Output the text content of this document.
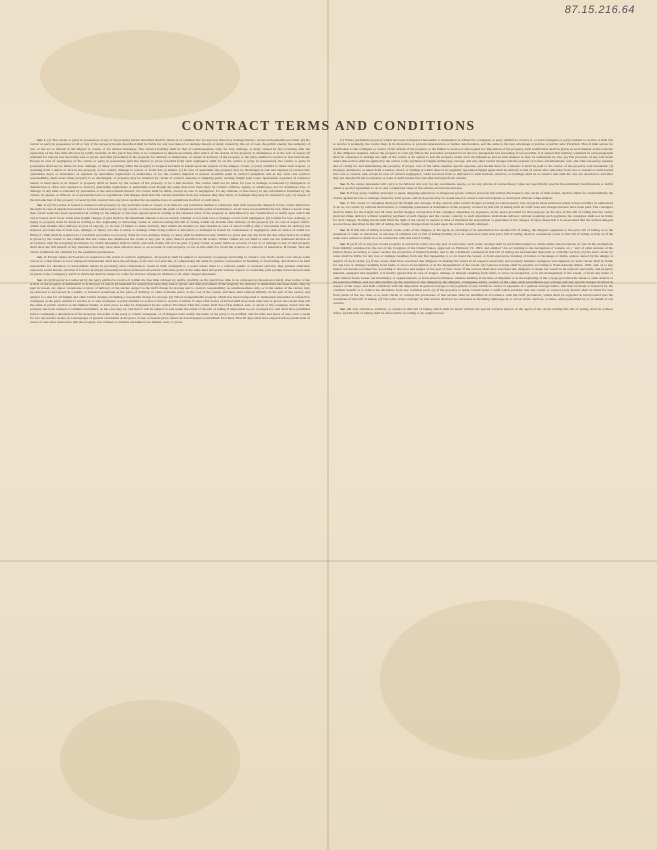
87.15.216.64
CONTRACT TERMS AND CONDITIONS

Sec. 1. (a) The carrier or party in possession of any of the property herein described shall be liable as at common law for any loss thereof or damage thereto, except as hereinafter provided. (b) No carrier or party in possession of all or any of the property herein described shall be liable for any loss thereof or damage thereto or delay caused by the act of God, the public enemy, the authority of law, or the act or default of the shipper or owner, or for natural shrinkage. The carrier's liability shall be that of warehouseman, only, for loss, damage, or delay caused by fire occurring after the expiration of the free time allowed by tariffs lawfully on file (such free time to be computed as therein provided) after notice of the arrival of the property at destination or at the port of export (if intended for export) has been duly sent or given, and after placement of the property for delivery at destination, or tender of delivery of the property to the party entitled to receive it, has been made. Except in case of negligence of the carrier or party in possession (and the burden to prove freedom from such negligence shall be on the carrier or party in possession), the carrier or party in possession shall not be liable for loss, damage, or delay occurring while the property is stopped and held in transit upon the request of the shipper, owner, or party entitled to make such request, or resulting from a defect or vice in the property, or for country damage to cotton, or from riots or strikes. (c) In case of quarantine the property may be discharged at risk and expense of owners into quarantine depot or elsewhere, as required by quarantine regulations or authorities, or for the carrier's dispatch at nearest available point in carrier's judgment, and in any such case carrier's responsibility shall cease when property is so discharged, or property may be returned by carrier at owner's expense to shipping point, earning freight both ways. Quarantine expenses of whatever nature or kind upon or in respect to property shall be borne by the owners of the property or be a lien thereon. The carrier shall not be liable for loss or damage occasioned by fumigation or disinfection or other acts required or done by quarantine regulations or authorities even though the same may have been done by carrier's officers, agents, or employees, nor for detention, loss, or damage of any kind occasioned by quarantine or the enforcement thereof. No carrier shall be liable, except in case of negligence, for any mistake or inaccuracy in any information furnished by the carrier, its agents, or officers, as to quarantine laws or regulations. The shipper shall hold the carriers harmless from any expense they may incur, or damages they may be required to pay, by reason of the introduction of the property covered by this contract into any place against the quarantine laws or regulations in effect at such place.

Sec. 2. (a) No carrier is bound to transport said property by any particular train or vessel, or in time for any particular market or otherwise than with reasonable dispatch. Every carrier shall have the right in case of physical necessity to forward said property by any carrier or route between the point of shipment and the point of destination. In all cases not prohibited by law, where a lower value than actual value has been represented in writing by the shipper or has been agreed upon in writing as the released value of the property as determined by the classification or tariffs upon which the rate is based, such lower value plus freight charges if paid shall be the maximum amount to be recovered, whether or not such loss or damage occurs from negligence. (b) Claims for loss, damage, or injury to property must be made in writing to the originating or delivering carrier or carriers issuing this bill of lading within six months after delivery of the property (or, in case of export traffic, within nine months after delivery at port of export), or, in case of failure to make delivery, then within six months (or nine months in case of export traffic) after a reasonable time for delivery has elapsed; provided that if such loss, damage, or injury was due to delay or damage while being loaded or unloaded, or damaged in transit by carelessness or negligence, then no notice of claim nor filing of claim shall be required as a condition precedent to recovery. Suits for loss, damage, injury, or delay shall be instituted only within two years and one day from the day when notice in writing is given by the carrier to the claimant that the carrier has disallowed the claim or any part or parts thereof specified in the notice. Where claims are not filed or suits are not instituted thereon in accordance with the foregoing provisions, no carrier hereunder shall be liable, and such claims will not be paid. (c) Any carrier or party liable on account of loss of or damage to any of said property shall have the full benefit of any insurance that may have been effected upon or on account of said property, so far as this shall not avoid the policies or contracts of insurance: Provided, That the carrier reimburse the claimant for the premium paid thereon.

Sec. 3. Except where such service is required as the result of carrier's negligence, all property shall be subject to necessary cooperage and baling at owner's cost. Each carrier over whose route cotton or cotton linters is to be transported hereunder shall have the privilege, at its own cost and risk, of compressing the same for greater convenience in handling or forwarding, and shall not be held responsible for deviation or unavoidable delays in procuring such compression. Grain in bulk consigned to a point where there is a railroad, public or licensed elevator, may (unless otherwise expressly noted herein, and then if it is not promptly unloaded) be there delivered and placed with other grain of the same kind and grade without respect to ownership (and prompt notice thereof shall be given to the consignor), and if so delivered shall be subject to a lien for elevator charges in addition to all other charges hereunder.

Sec. 4. (a) Property not removed by the party entitled to receive it within the free time allowed by tariffs, lawfully on file (such free time to be computed as therein provided), after notice of the arrival of the property at destination or at the port of export (if intended for export) has been duly sent or given, and after placement of the property for delivery at destination has been made, may be kept in vessel, car, depot, warehouse or place of delivery of the carrier, subject to the tariff charge for storage and to carrier's responsibility as warehouseman, only, or at the option of the carrier, may be removed to and stored in a public or licensed warehouse at the place of delivery or other available place, at the cost of the owner, and there held without liability on the part of the carrier, and subject to a lien for all freight and other lawful charges, including a reasonable charge for storage. (b) Where nonperishable property which has been transported to destination hereunder is refused by consignee or the party entitled to receive it, or said consignee or party entitled to receive it fails to receive it within 15 days after notice of arrival shall have been duly sent or given, the carrier may sell the same at public auction to the highest bidder, at such place as may be designated by the carrier: Provided, That the carrier shall have first mailed, sent, or given to the consignor notice that the property has been refused or remains unclaimed, as the case may be, and that it will be subject to sale under the terms of the bill of lading if disposition be not arranged for, and shall have published notice containing a description of the property, the name of the party to whom consigned, or, if shipped order notify, the name of the party to be notified, and the time and place of sale, once a week for two successive weeks, in a newspaper of general circulation at the place of sale or nearest place where such newspaper is published: Provided, That 30 days shall have elapsed before publication of notice of sale after said notice that the property was refused or remains unclaimed was mailed, sent, or given.

(c) Where perishable property which has been transported hereunder to destination is refused by consignee or party entitled to receive it, or said consignee or party entitled to receive it shall fail to receive it promptly, the carrier may, in its discretion, to prevent deterioration or further deterioration, sell the same to the best advantage at private or public sale: Provided, That if time serves for notification to the consignor or owner of the refusal of the property or the failure to receive it and request for disposition of the property, such notification shall be given, in such manner as the exercise of due diligence requires, before the property is sold. (d) Where the procedure provided for in the two paragraphs last preceding is not possible, it is agreed that nothing contained in said paragraphs shall be construed to abridge the right of the carrier at its option to sell the property under such circumstances and in such manner as may be authorized by law. (e) The proceeds of any sale made under this section shall be applied by the carrier to the payment of freight, demurrage, storage, and any other lawful charges and the expense of notice, advertisement, sale, and other necessary expense and of caring for and maintaining the property, if proper care of the same requires special expense, and should there be a balance it shall be paid to the owner of the property sold hereunder. (f) Property destined to or taken from a station, wharf, or landing at which there is no regularly appointed freight agent shall be entirely at risk of owner after unloaded from cars or vessels or until loaded into cars or vessels, and, except in case of carrier's negligence, when received from or delivered to such stations, wharves, or landings shall be at owner's risk until the cars are attached to and after they are detached from locomotive or train or until loaded into and after unloaded from vessels.

Sec. 5. No carrier hereunder will carry or be liable in any way for any documents, specie, or for any articles of extraordinary value not specifically rated in the published classifications or tariffs unless a special agreement to do so and a stipulated value of the articles are indorsed hereon.

Sec. 6. Every party, whether principal or agent, shipping explosives or dangerous goods, without previous full written disclosure to the carrier of their nature, shall be liable for and indemnify the carrier against all loss or damage caused by such goods, and such goods may be warehoused at owner's risk and expense or destroyed without compensation.

Sec. 7. The owner or consignee shall pay the freight and average, if any, and all other lawful charges accruing on said property; but, except in those instances where it may lawfully be authorized to do so, no carrier by railroad shall deliver or relinquish possession at destination of the property covered by this bill of lading until all tariff rates and charges thereon have been paid. The consignor shall be liable for the freight and all other lawful charges, except that if the consignor stipulates, by signature, in the space provided for that purpose on the face of this bill of lading that the carrier shall not make delivery without requiring payment of such charges and the carrier, contrary to such stipulation, shall make delivery without requiring such payment, the consignor shall not be liable for such charges. Nothing herein shall limit the right of the carrier to require at time of shipment the prepayment or guarantee of the charges. If upon inspection it is ascertained that the articles shipped are not those described in this bill of lading, the freight charges must be paid upon the articles actually shipped.

Sec. 8. If this bill of lading is issued on the order of the shipper, or his agent, in exchange or in substitution for another bill of lading, the shipper's signature to the prior bill of lading as to the statement of value or otherwise, or election of common law or bill of lading liability, in or in connection with such prior bill of lading, shall be considered a part of this bill of lading as fully as if the same were written or made in or in connection with this bill of lading.

Sec. 9. (a) If all or any part of said property is carried by water over any part of said route, such water carriage shall be performed subject to all the terms and provisions of, and all the exemptions from liability contained in, the Act of the Congress of the United States, approved on February 13, 1893, and entitled "An act relating to the navigation of vessels, etc.," and of other statutes of the United States according to water carriers the protection of limited liability, and to the conditions contained in this bill of lading not inconsistent therewith or with this section. (b) No such carrier by water shall be liable for any loss or damage resulting from any fire happening to or on board the vessel, or from explosion, bursting of boilers or breakage of shafts, unless caused by the design or neglect of such carrier. (c) If the owner shall have exercised due diligence in making the vessel in all respects seaworthy and properly manned, equipped, and supplied, no such carrier shall be liable for any loss or damage resulting from faults or errors in navigation or in the management of the vessel. (d) General average shall be payable according to York-Antwerp Rules, 1950, and, as to any matter not therein provided for, according to the laws and usages of the port of New York. If the owners shall have exercised due diligence to make the vessel in all respects seaworthy and properly manned, equipped and supplied, it is hereby agreed that in case of danger, damage or disaster resulting from faults or errors in navigation, or in the management of the vessel, or from any latent or other defects in the vessel, her machinery, or appurtenances, or from unseaworthiness, whether existing at the time of shipment or at the beginning of the voyage (provided the latent or other defects or the unseaworthiness was not discoverable by the exercise of due diligence), the shippers, consignees and/or owners of the cargo shall nevertheless pay salvage and any special charges incurred in respect of the cargo, and shall contribute with the shipowner in general average to the payment of any sacrifices, losses or expenses of a general average nature, that may be made or incurred for the common benefit or to relieve the adventure from any common peril. (e) If the property is being carried under a tariff which provides that any carrier or carriers party thereto shall be liable for loss from perils of the sea, then as to such carrier or carriers the provisions of this section shall be modified in accordance with the tariff provisions, which shall be regarded as incorporated into the conditions of this bill of lading. (f) The term "water carriage" in this section shall not be construed as including lighterage in or across rivers, harbors, or lakes, when performed by or on behalf of rail carriers.

Sec. 10. Any alteration, addition, or erasure in this bill of lading which shall be made without the special notation hereon of the agent of the carrier issuing this bill of lading, shall be without effect, and this bill of lading shall be enforceable according to its original tenor.
